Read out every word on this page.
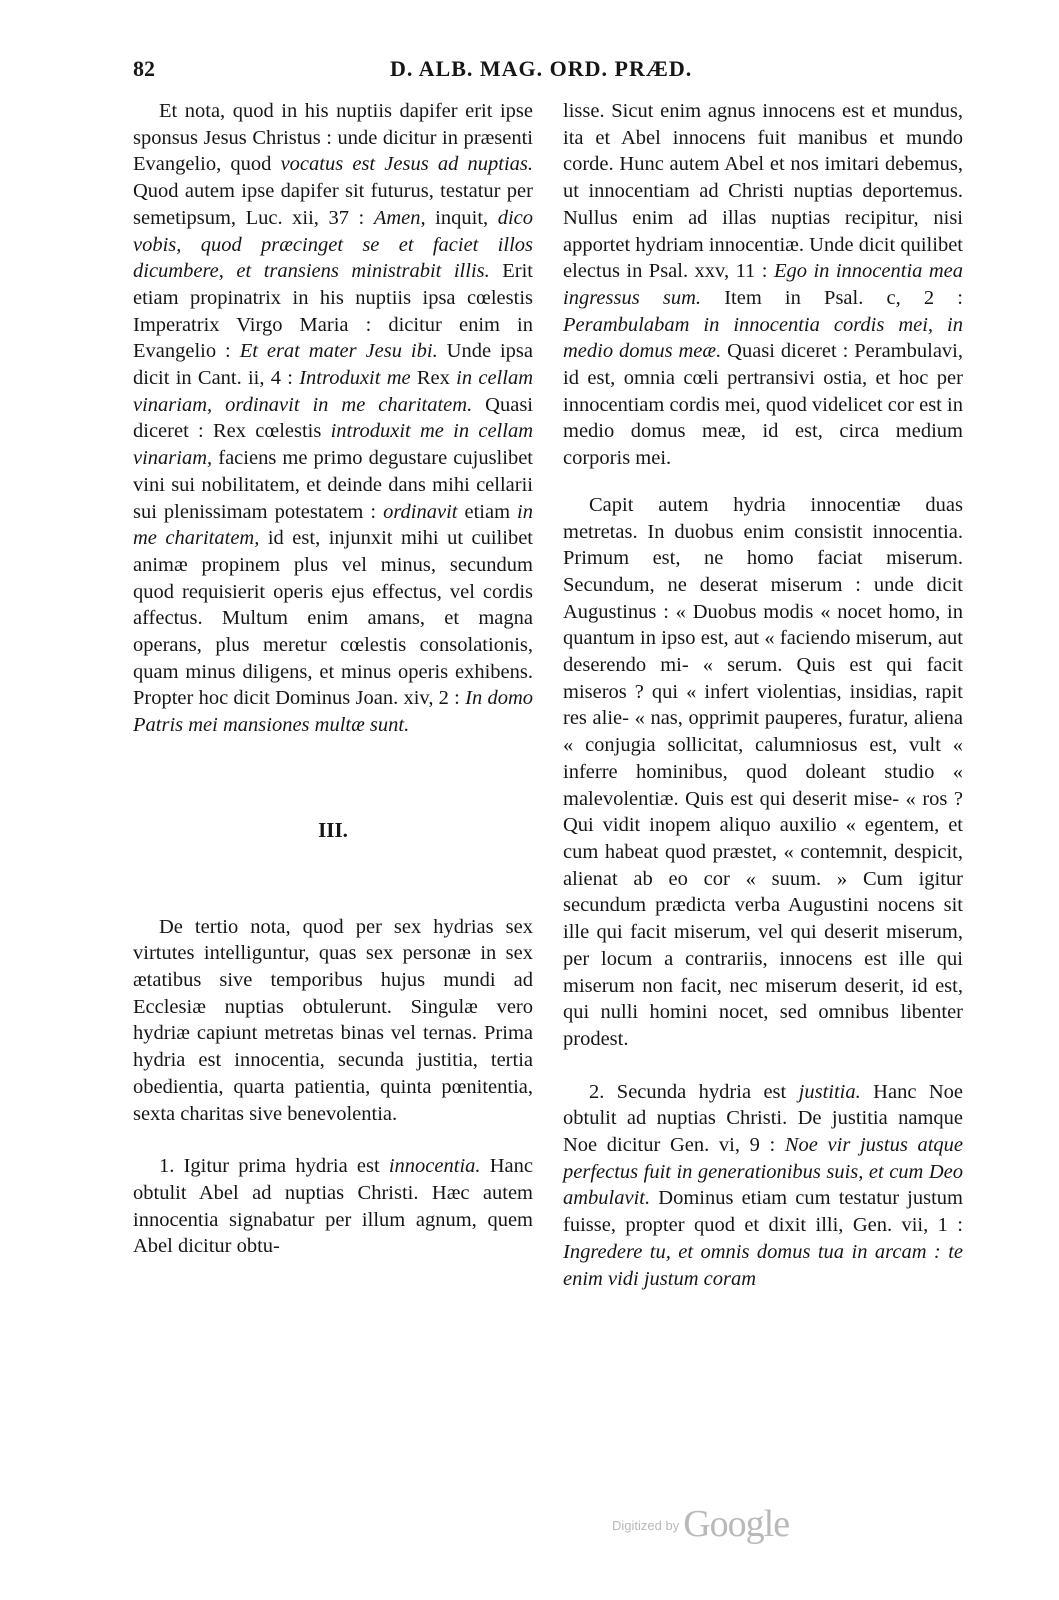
82	D. ALB. MAG. ORD. PRÆD.

Et nota, quod in his nuptiis dapifer erit ipse sponsus Jesus Christus : unde dicitur in præsenti Evangelio, quod vocatus est Jesus ad nuptias. Quod autem ipse dapifer sit futurus, testatur per semetipsum, Luc. xii, 37 : Amen, inquit, dico vobis, quod præcinget se et faciet illos dicumbere, et transiens ministrabit illis. Erit etiam propinatrix in his nuptiis ipsa cœlestis Imperatrix Virgo Maria : dicitur enim in Evangelio : Et erat mater Jesu ibi. Unde ipsa dicit in Cant. ii, 4 : Introduxit me Rex in cellam vinariam, ordinavit in me charitatem. Quasi diceret : Rex cœlestis introduxit me in cellam vinariam, faciens me primo degustare cujuslibet vini sui nobilitatem, et deinde dans mihi cellarii sui plenissimam potestatem : ordinavit etiam in me charitatem, id est, injunxit mihi ut cuilibet animæ propinem plus vel minus, secundum quod requisierit operis ejus effectus, vel cordis affectus. Multum enim amans, et magna operans, plus meretur cœlestis consolationis, quam minus diligens, et minus operis exhibens. Propter hoc dicit Dominus Joan. xiv, 2 : In domo Patris mei mansiones multæ sunt.

III.

De tertio nota, quod per sex hydrias sex virtutes intelliguntur, quas sex personæ in sex ætatibus sive temporibus hujus mundi ad Ecclesiæ nuptias obtulerunt. Singulæ vero hydriæ capiunt metretas binas vel ternas. Prima hydria est innocentia, secunda justitia, tertia obedientia, quarta patientia, quinta pœnitentia, sexta charitas sive benevolentia.

1. Igitur prima hydria est innocentia. Hanc obtulit Abel ad nuptias Christi. Hæc autem innocentia signabatur per illum agnum, quem Abel dicitur obtu-

lisse. Sicut enim agnus innocens est et mundus, ita et Abel innocens fuit manibus et mundo corde. Hunc autem Abel et nos imitari debemus, ut innocentiam ad Christi nuptias deportemus. Nullus enim ad illas nuptias recipitur, nisi apportet hydriam innocentiæ. Unde dicit quilibet electus in Psal. xxv, 11 : Ego in innocentia mea ingressus sum. Item in Psal. c, 2 : Perambulabam in innocentia cordis mei, in medio domus meæ. Quasi diceret : Perambulavi, id est, omnia cœli pertransivi ostia, et hoc per innocentiam cordis mei, quod videlicet cor est in medio domus meæ, id est, circa medium corporis mei.

Capit autem hydria innocentiæ duas metretas. In duobus enim consistit innocentia. Primum est, ne homo faciat miserum. Secundum, ne deserat miserum : unde dicit Augustinus : « Duobus modis « nocet homo, in quantum in ipso est, aut « faciendo miserum, aut deserendo mi- « serum. Quis est qui facit miseros ? qui « infert violentias, insidias, rapit res alie- « nas, opprimit pauperes, furatur, aliena « conjugia sollicitat, calumniosus est, vult « inferre hominibus, quod doleant studio « malevolentiæ. Quis est qui deserit mise- « ros ? Qui vidit inopem aliquo auxilio « egentem, et cum habeat quod præstet, « contemnit, despicit, alienat ab eo cor « suum. » Cum igitur secundum prædicta verba Augustini nocens sit ille qui facit miserum, vel qui deserit miserum, per locum a contrariis, innocens est ille qui miserum non facit, nec miserum deserit, id est, qui nulli homini nocet, sed omnibus libenter prodest.

2. Secunda hydria est justitia. Hanc Noe obtulit ad nuptias Christi. De justitia namque Noe dicitur Gen. vi, 9 : Noe vir justus atque perfectus fuit in generationibus suis, et cum Deo ambulavit. Dominus etiam cum testatur justum fuisse, propter quod et dixit illi, Gen. vii, 1 : Ingredere tu, et omnis domus tua in arcam : te enim vidi justum coram

$^{Digitized by}$ Google
